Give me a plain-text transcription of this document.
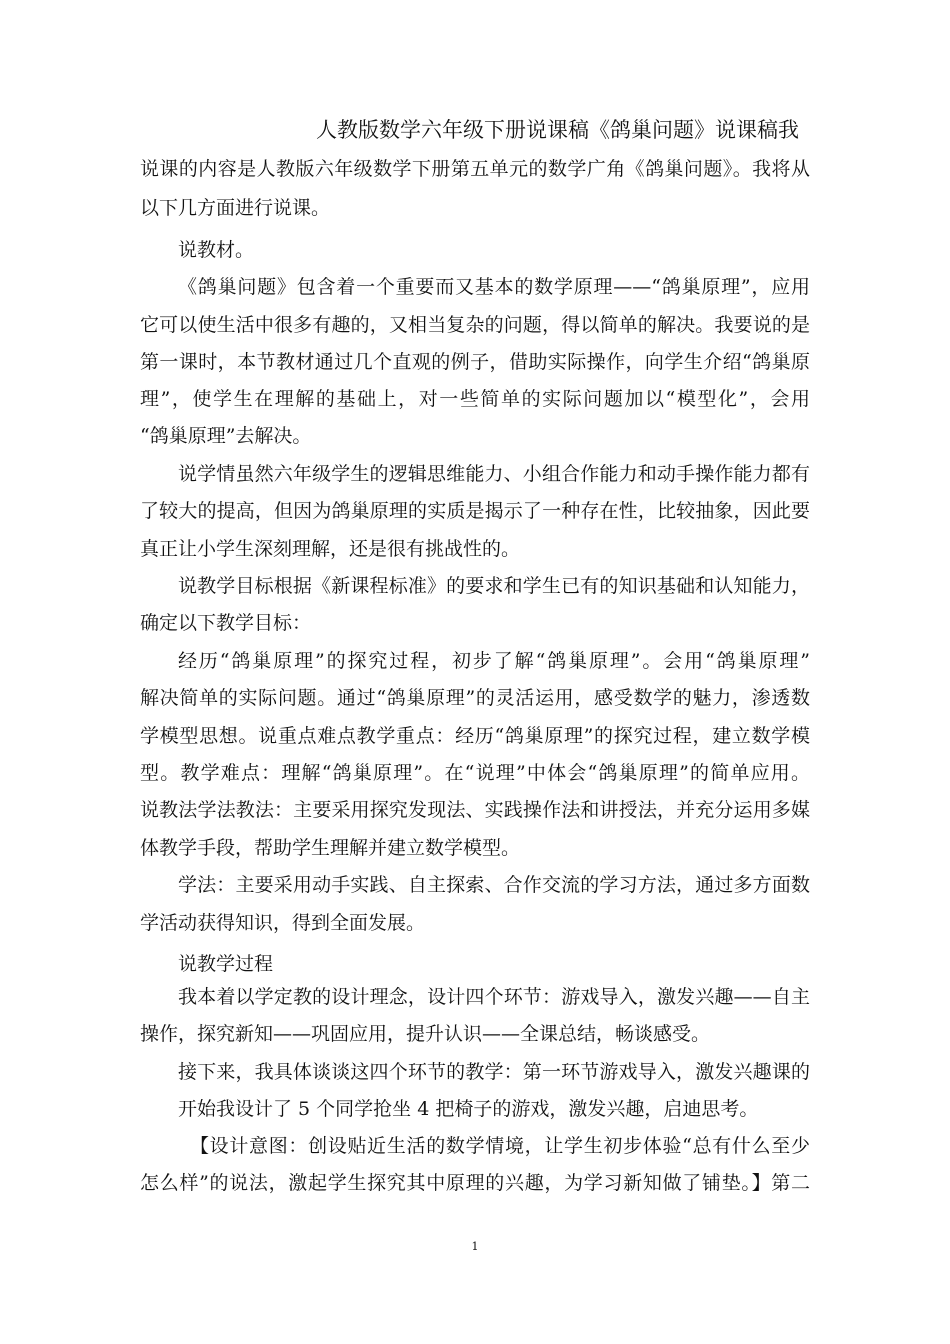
人教版数学六年级下册说课稿《鸽巢问题》说课稿我
说课的内容是人教版六年级数学下册第五单元的数学广角《鸽巢问题》。我将从
以下几方面进行说课。
说教材。
《鸽巢问题》包含着一个重要而又基本的数学原理——“鸽巢原理”，应用
它可以使生活中很多有趣的，又相当复杂的问题，得以简单的解决。我要说的是
第一课时，本节教材通过几个直观的例子，借助实际操作，向学生介绍“鸽巢原
理”，使学生在理解的基础上，对一些简单的实际问题加以“模型化”，会用
“鸽巢原理”去解决。
说学情虽然六年级学生的逻辑思维能力、小组合作能力和动手操作能力都有
了较大的提高，但因为鸽巢原理的实质是揭示了一种存在性，比较抽象，因此要
真正让小学生深刻理解，还是很有挑战性的。
说教学目标根据《新课程标准》的要求和学生已有的知识基础和认知能力，
确定以下教学目标：
经历“鸽巢原理”的探究过程，初步了解“鸽巢原理”。会用“鸽巢原理”
解决简单的实际问题。通过“鸽巢原理”的灵活运用，感受数学的魅力，渗透数
学模型思想。说重点难点教学重点：经历“鸽巢原理”的探究过程，建立数学模
型。教学难点：理解“鸽巢原理”。在“说理”中体会“鸽巢原理”的简单应用。
说教法学法教法：主要采用探究发现法、实践操作法和讲授法，并充分运用多媒
体教学手段，帮助学生理解并建立数学模型。
学法：主要采用动手实践、自主探索、合作交流的学习方法，通过多方面数
学活动获得知识，得到全面发展。
说教学过程
我本着以学定教的设计理念，设计四个环节：游戏导入，激发兴趣——自主
操作，探究新知——巩固应用，提升认识——全课总结，畅谈感受。
接下来，我具体谈谈这四个环节的教学：第一环节游戏导入，激发兴趣课的
开始我设计了 5 个同学抢坐 4 把椅子的游戏，激发兴趣，启迪思考。
【设计意图：创设贴近生活的数学情境，让学生初步体验“总有什么至少
怎么样”的说法，激起学生探究其中原理的兴趣，为学习新知做了铺垫。】第二
1
